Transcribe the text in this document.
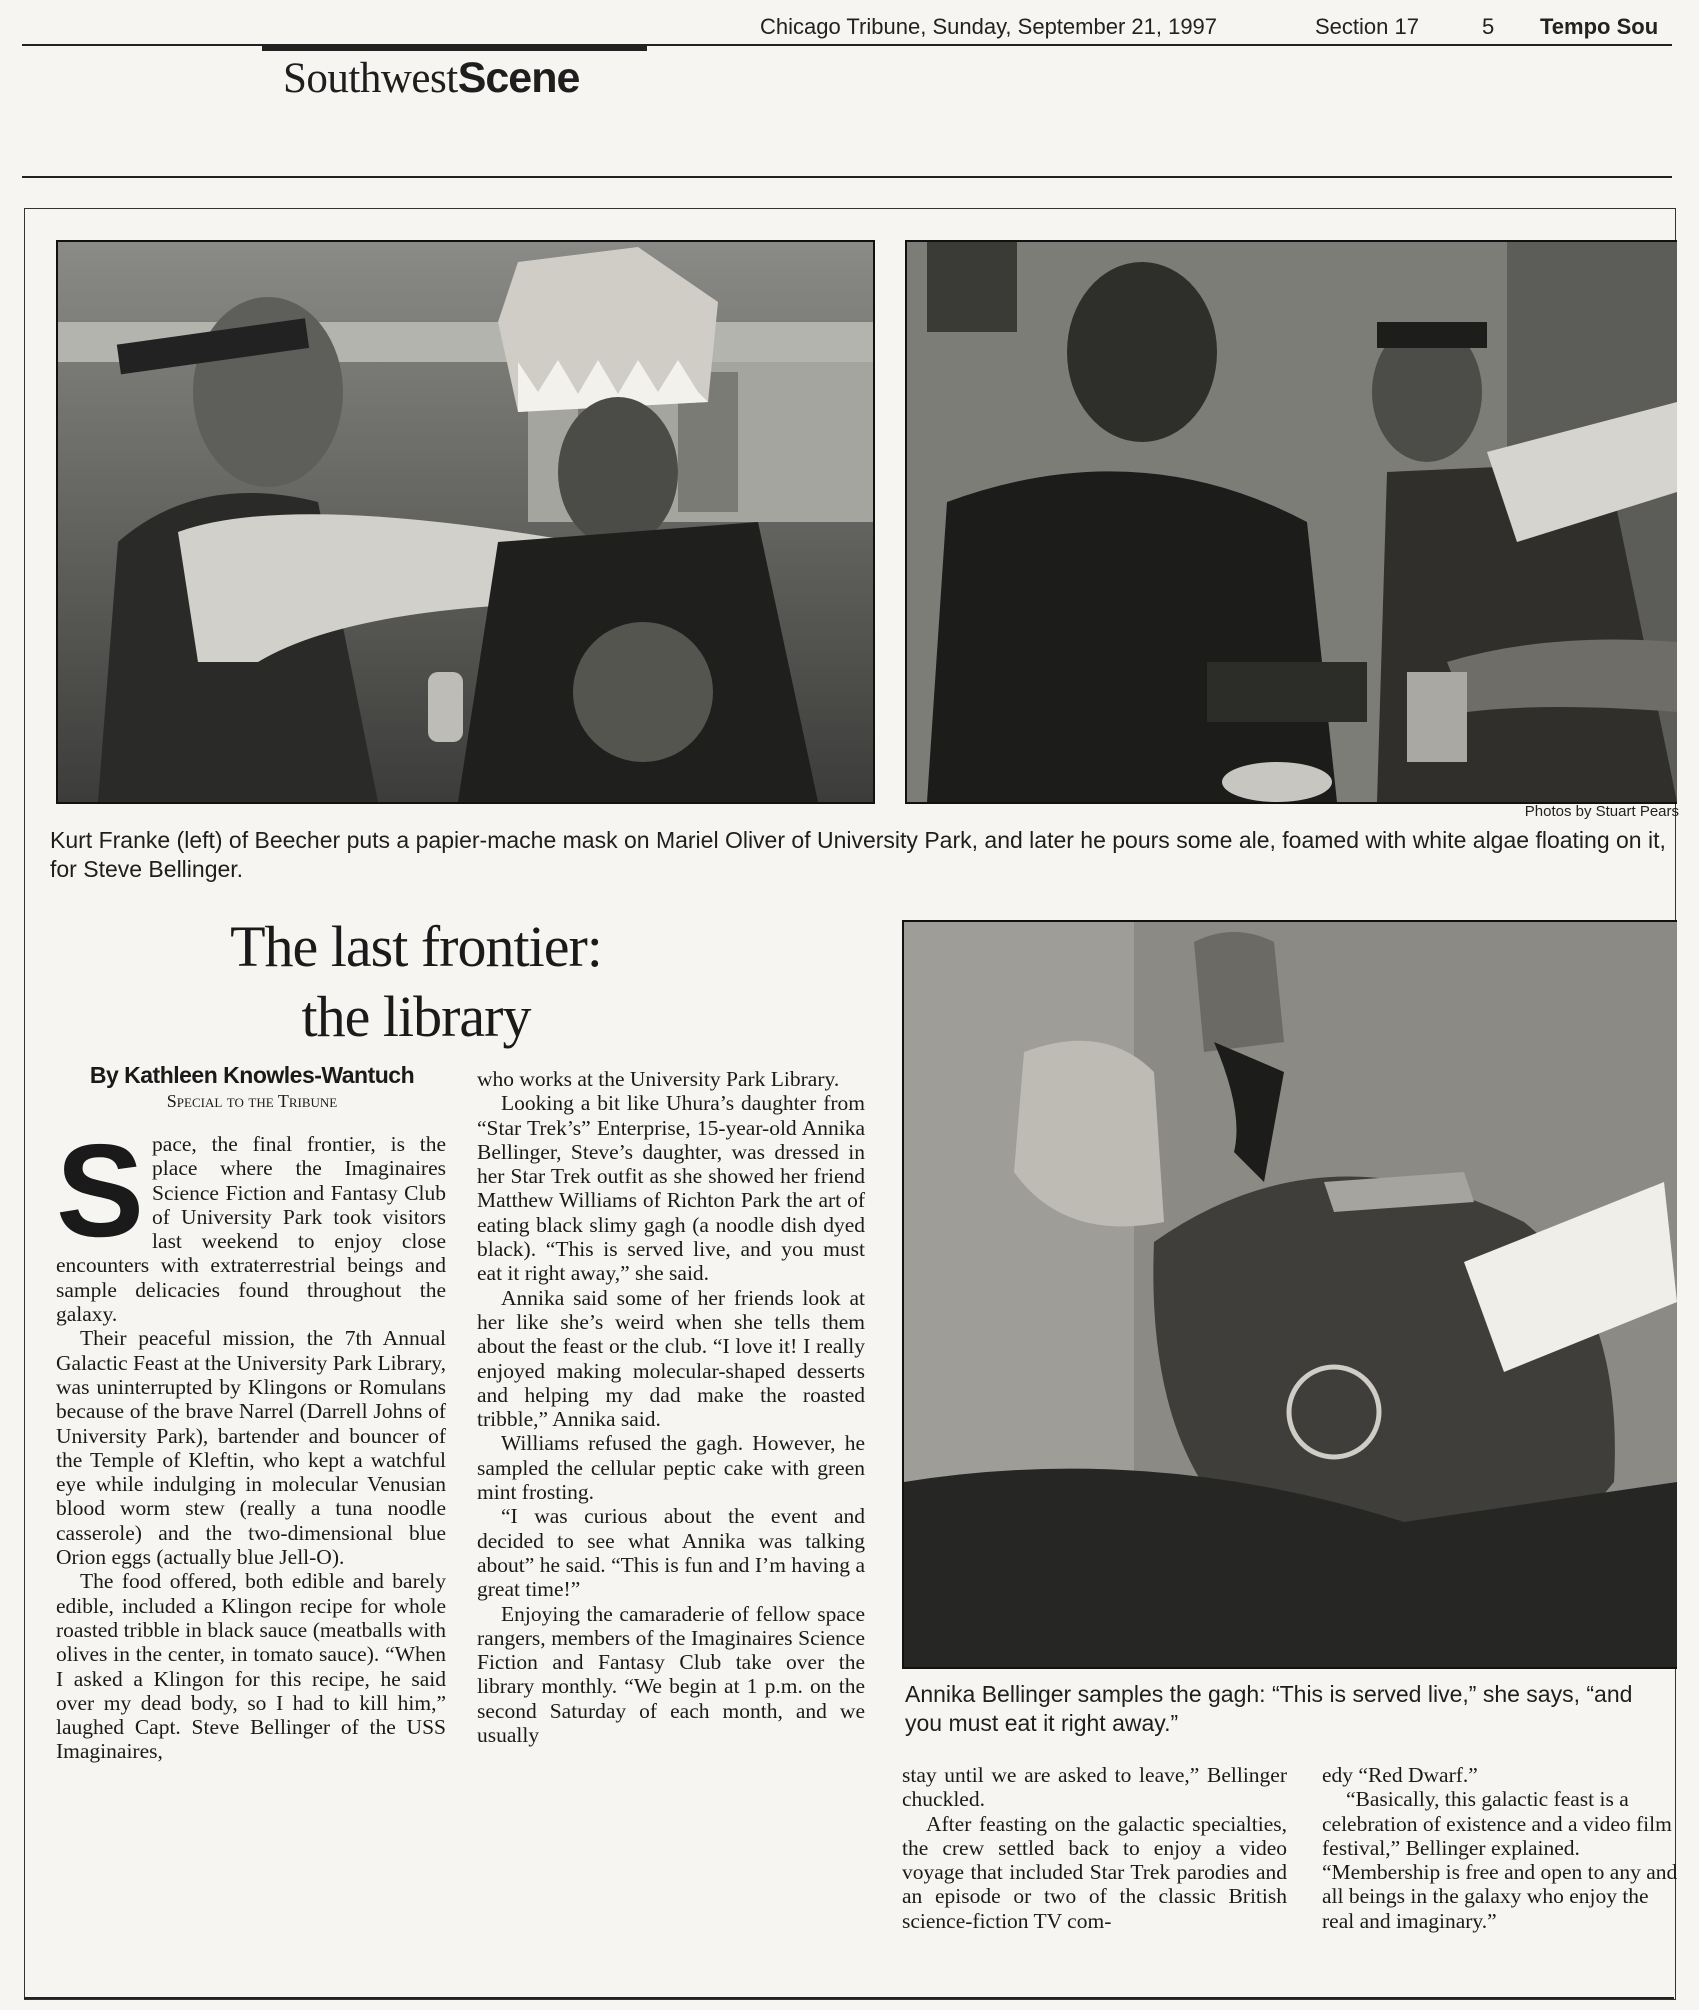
Chicago Tribune, Sunday, September 21, 1997	Section 17	5 Tempo Sou
SouthwestScene
Photos by Stuart Pears
Kurt Franke (left) of Beecher puts a papier-mache mask on Mariel Oliver of University Park, and later he pours some ale, foamed with white algae floating on it, for Steve Bellinger.
The last frontier:
the library
By Kathleen Knowles-Wantuch
Special to the Tribune

Space, the final frontier, is the place where the Imaginaires Science Fiction and Fantasy Club of University Park took visitors last weekend to enjoy close encounters with extraterrestrial beings and sample delicacies found throughout the galaxy.

Their peaceful mission, the 7th Annual Galactic Feast at the University Park Library, was uninterrupted by Klingons or Romulans because of the brave Narrel (Darrell Johns of University Park), bartender and bouncer of the Temple of Kleftin, who kept a watchful eye while indulging in molecular Venusian blood worm stew (really a tuna noodle casserole) and the two-dimensional blue Orion eggs (actually blue Jell-O).

The food offered, both edible and barely edible, included a Klingon recipe for whole roasted tribble in black sauce (meatballs with olives in the center, in tomato sauce). “When I asked a Klingon for this recipe, he said over my dead body, so I had to kill him,” laughed Capt. Steve Bellinger of the USS Imaginaires,

who works at the University Park Library.

Looking a bit like Uhura’s daughter from “Star Trek’s” Enterprise, 15-year-old Annika Bellinger, Steve’s daughter, was dressed in her Star Trek outfit as she showed her friend Matthew Williams of Richton Park the art of eating black slimy gagh (a noodle dish dyed black). “This is served live, and you must eat it right away,” she said.

Annika said some of her friends look at her like she’s weird when she tells them about the feast or the club. “I love it! I really enjoyed making molecular-shaped desserts and helping my dad make the roasted tribble,” Annika said.

Williams refused the gagh. However, he sampled the cellular peptic cake with green mint frosting.

“I was curious about the event and decided to see what Annika was talking about” he said. “This is fun and I’m having a great time!”

Enjoying the camaraderie of fellow space rangers, members of the Imaginaires Science Fiction and Fantasy Club take over the library monthly. “We begin at 1 p.m. on the second Saturday of each month, and we usually

Annika Bellinger samples the gagh: “This is served live,” she says, “and you must eat it right away.”

stay until we are asked to leave,” Bellinger chuckled.

After feasting on the galactic specialties, the crew settled back to enjoy a video voyage that included Star Trek parodies and an episode or two of the classic British science-fiction TV com-

edy “Red Dwarf.”

“Basically, this galactic feast is a celebration of existence and a video film festival,” Bellinger explained. “Membership is free and open to any and all beings in the galaxy who enjoy the real and imaginary.”
